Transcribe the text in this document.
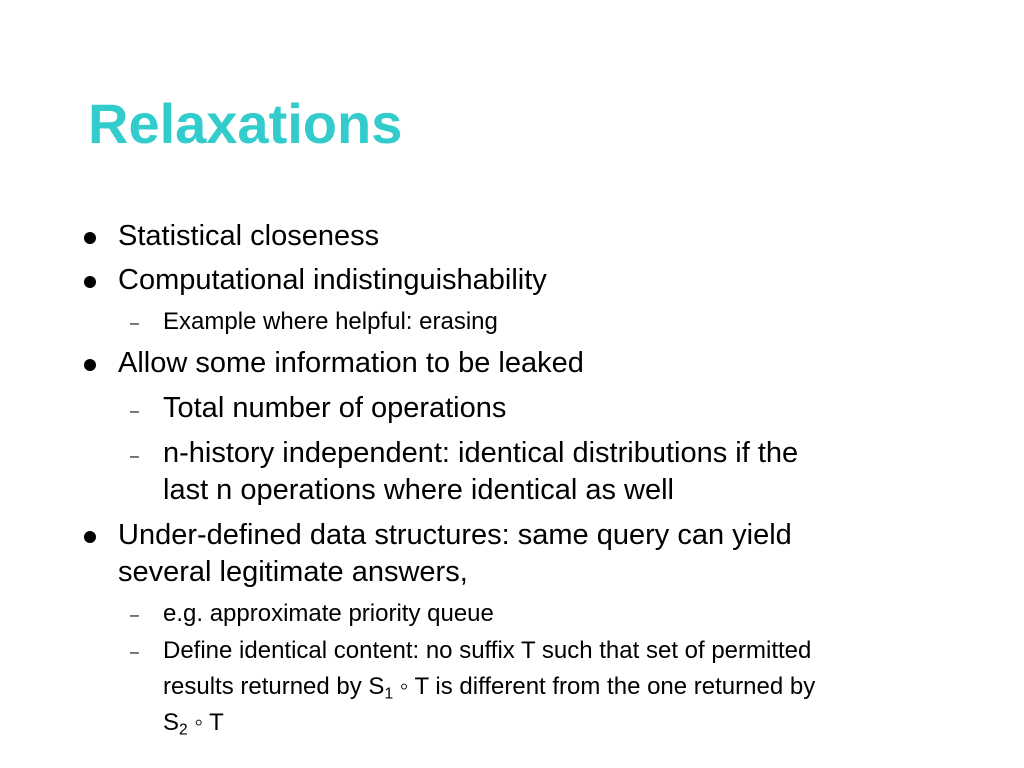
Relaxations
Statistical closeness
Computational indistinguishability
– Example where helpful: erasing
Allow some information to be leaked
– Total number of operations
– n-history independent: identical distributions if the
last n operations where identical as well
Under-defined data structures: same query can yield
several legitimate answers,
– e.g. approximate priority queue
– Define identical content: no suffix T such that set of permitted
results returned by $S_1$ ◦ T is different from the one returned by
$S_2$ ◦ T
